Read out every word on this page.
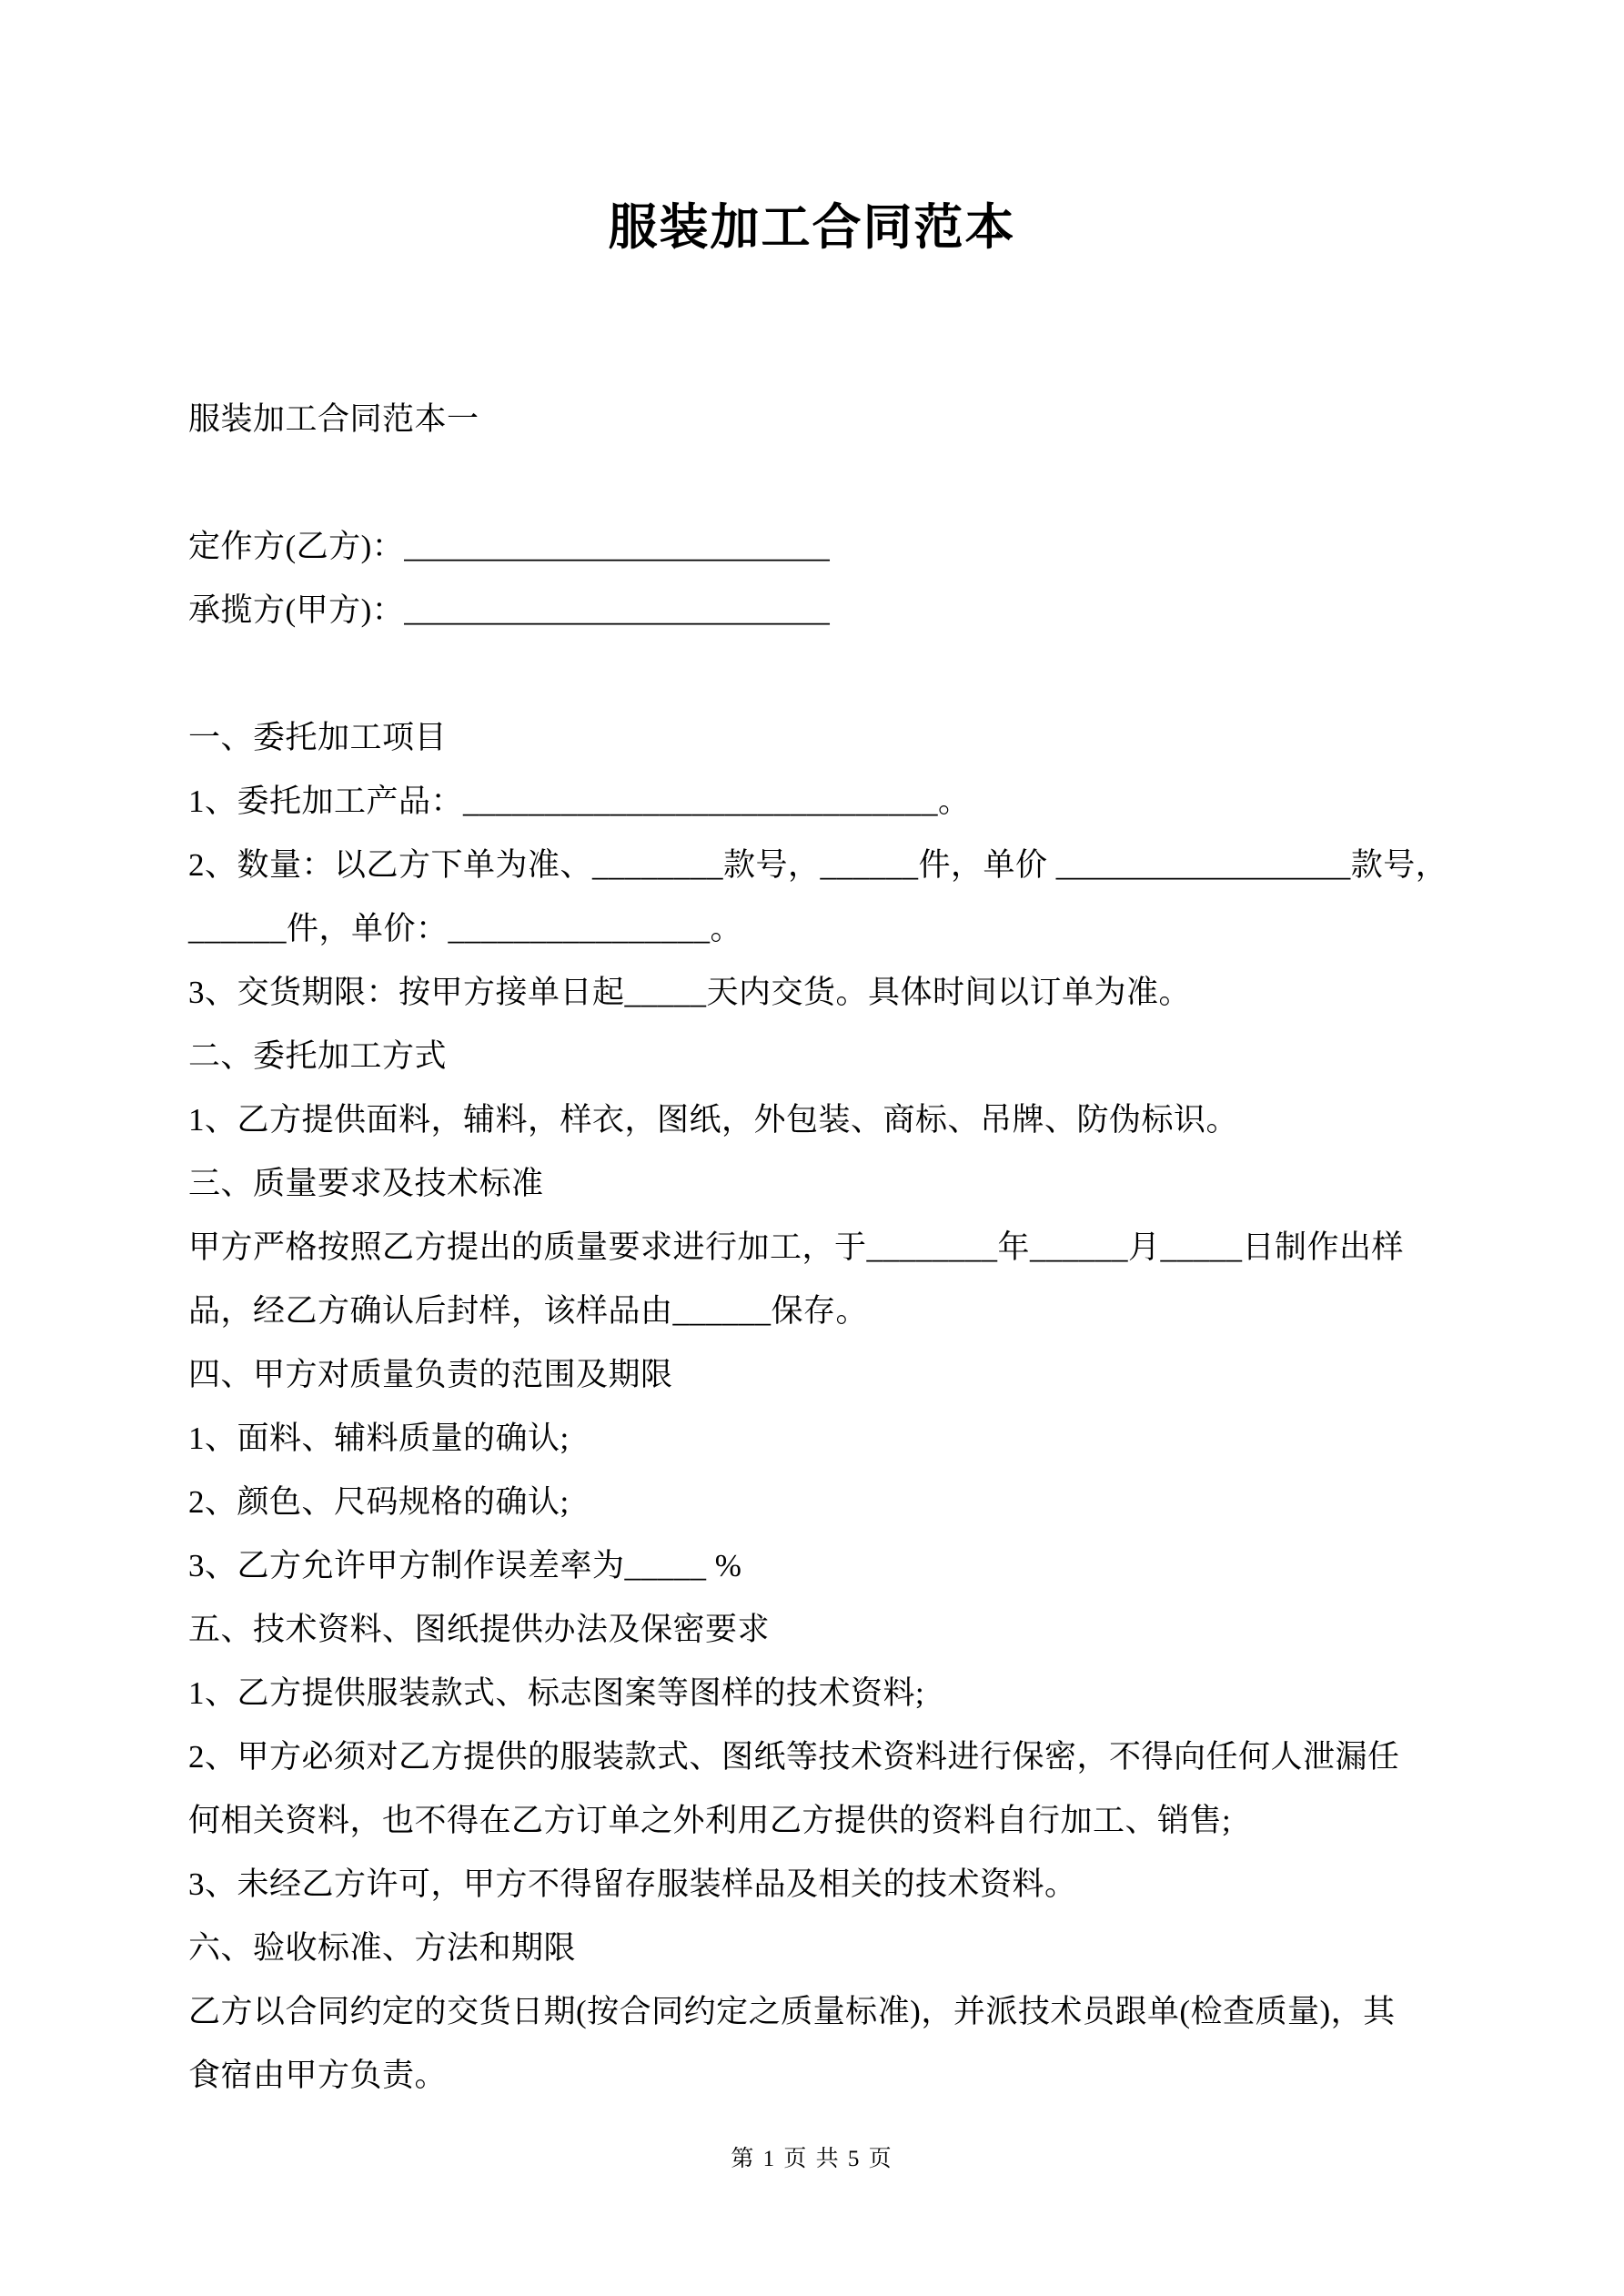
服装加工合同范本
服装加工合同范本一
定作方(乙方)：__________________________
承揽方(甲方)：__________________________
一、委托加工项目
1、委托加工产品：_____________________________。
2、数量：以乙方下单为准、________款号，______件，单价 __________________款号，
______件，单价：________________。
3、交货期限：按甲方接单日起_____天内交货。具体时间以订单为准。
二、委托加工方式
1、乙方提供面料，辅料，样衣，图纸，外包装、商标、吊牌、防伪标识。
三、质量要求及技术标准
甲方严格按照乙方提出的质量要求进行加工，于________年______月_____日制作出样
品，经乙方确认后封样，该样品由______保存。
四、甲方对质量负责的范围及期限
1、面料、辅料质量的确认;
2、颜色、尺码规格的确认;
3、乙方允许甲方制作误差率为_____ %
五、技术资料、图纸提供办法及保密要求
1、乙方提供服装款式、标志图案等图样的技术资料;
2、甲方必须对乙方提供的服装款式、图纸等技术资料进行保密，不得向任何人泄漏任
何相关资料，也不得在乙方订单之外利用乙方提供的资料自行加工、销售;
3、未经乙方许可，甲方不得留存服装样品及相关的技术资料。
六、验收标准、方法和期限
乙方以合同约定的交货日期(按合同约定之质量标准)，并派技术员跟单(检查质量)，其
食宿由甲方负责。
第 1 页 共 5 页
